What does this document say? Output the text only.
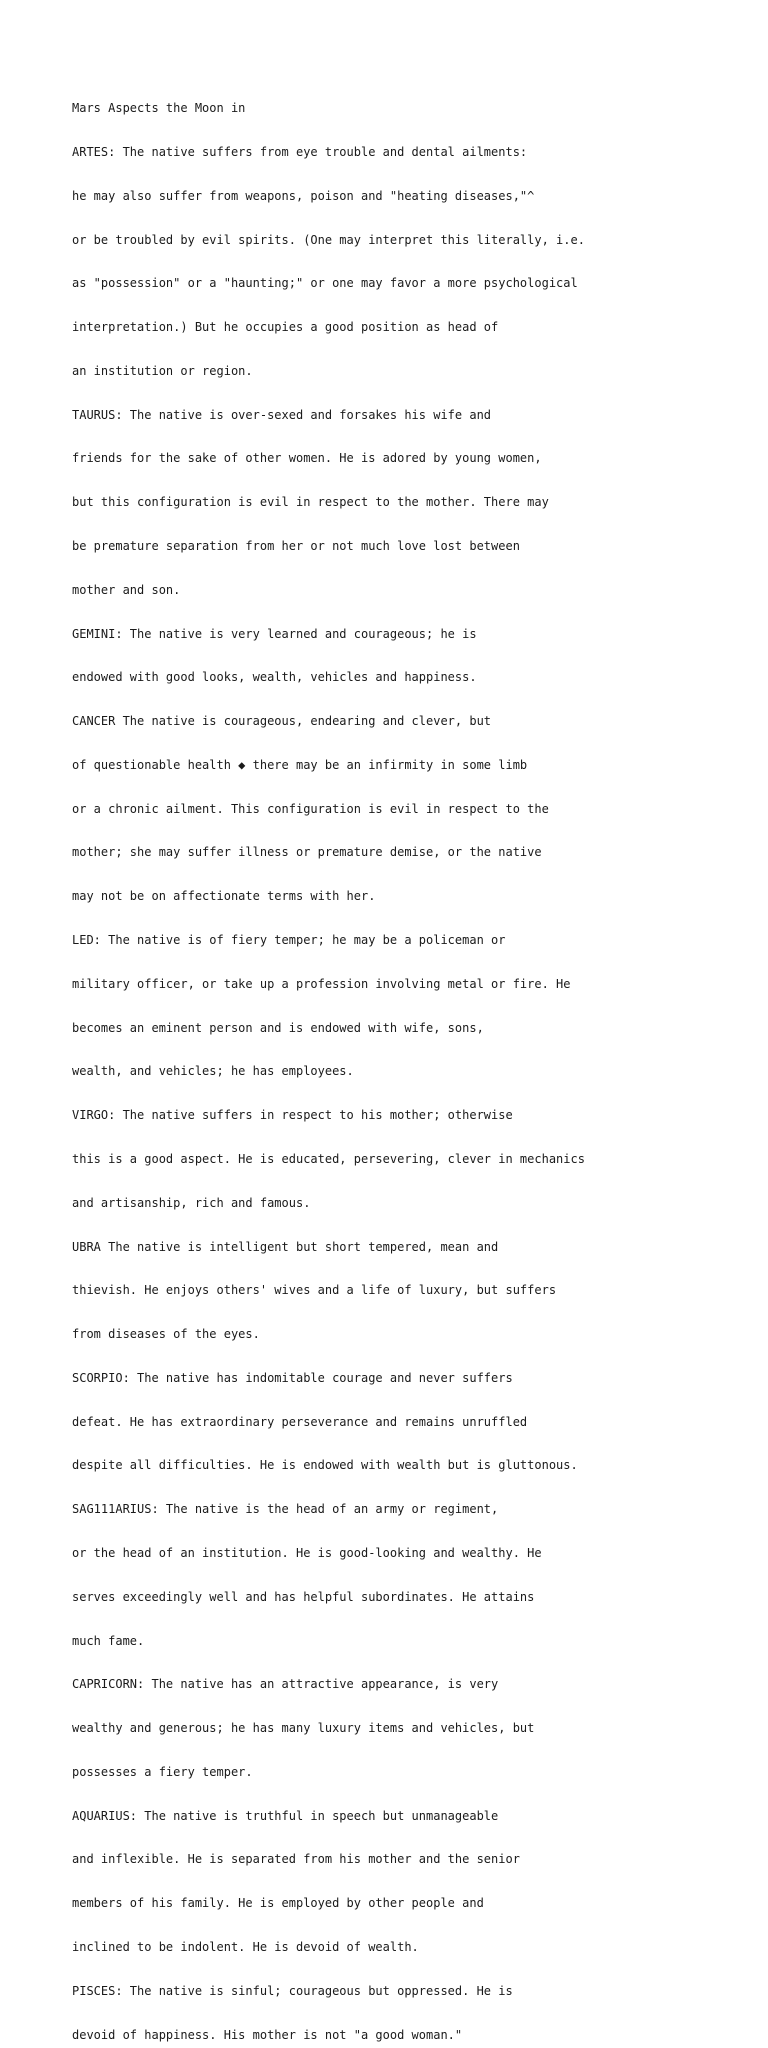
Mars Aspects the Moon in

ARTES: The native suffers from eye trouble and dental ailments:

he may also suffer from weapons, poison and "heating diseases,"^

or be troubled by evil spirits. (One may interpret this literally, i.e.

as "possession" or a "haunting;" or one may favor a more psychological

interpretation.) But he occupies a good position as head of

an institution or region.

TAURUS: The native is over-sexed and forsakes his wife and

friends for the sake of other women. He is adored by young women,

but this configuration is evil in respect to the mother. There may

be premature separation from her or not much love lost between

mother and son.

GEMINI: The native is very learned and courageous; he is

endowed with good looks, wealth, vehicles and happiness.

CANCER The native is courageous, endearing and clever, but

of questionable health ◆ there may be an infirmity in some limb

or a chronic ailment. This configuration is evil in respect to the

mother; she may suffer illness or premature demise, or the native

may not be on affectionate terms with her.

LED: The native is of fiery temper; he may be a policeman or

military officer, or take up a profession involving metal or fire. He

becomes an eminent person and is endowed with wife, sons,

wealth, and vehicles; he has employees.

VIRGO: The native suffers in respect to his mother; otherwise

this is a good aspect. He is educated, persevering, clever in mechanics

and artisanship, rich and famous.

UBRA The native is intelligent but short tempered, mean and

thievish. He enjoys others' wives and a life of luxury, but suffers

from diseases of the eyes.

SCORPIO: The native has indomitable courage and never suffers

defeat. He has extraordinary perseverance and remains unruffled

despite all difficulties. He is endowed with wealth but is gluttonous.

SAG111ARIUS: The native is the head of an army or regiment,

or the head of an institution. He is good-looking and wealthy. He

serves exceedingly well and has helpful subordinates. He attains

much fame.

CAPRICORN: The native has an attractive appearance, is very

wealthy and generous; he has many luxury items and vehicles, but

possesses a fiery temper.

AQUARIUS: The native is truthful in speech but unmanageable

and inflexible. He is separated from his mother and the senior

members of his family. He is employed by other people and

inclined to be indolent. He is devoid of wealth.

PISCES: The native is sinful; courageous but oppressed. He is

devoid of happiness. His mother is not "a good woman."
